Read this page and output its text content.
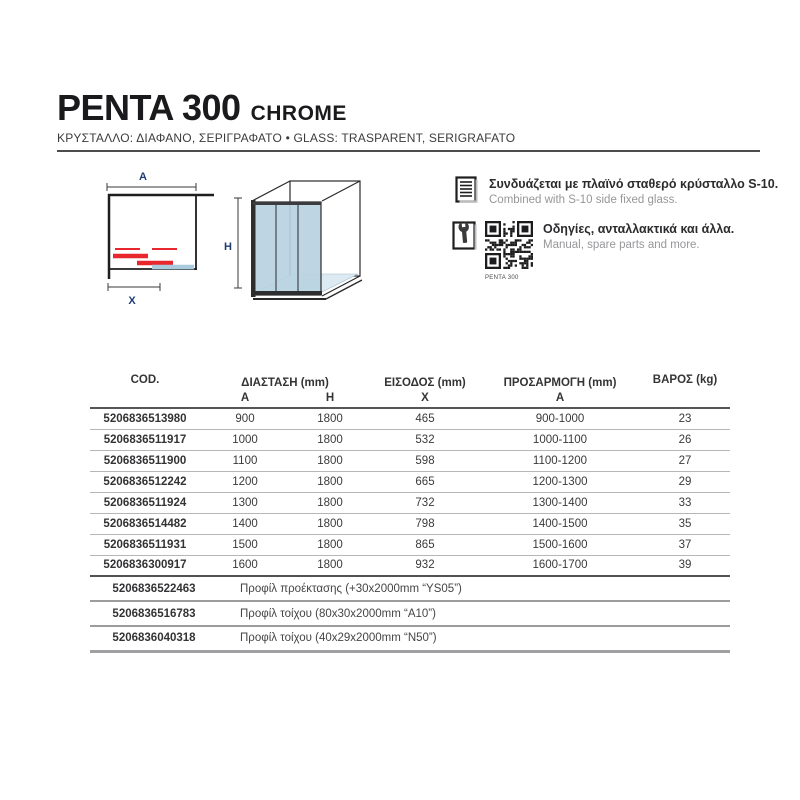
PENTA 300 CHROME
ΚΡΥΣΤΑΛΛΟ: ΔΙΑΦΑΝΟ, ΣΕΡΙΓΡΑΦΑΤΟ • GLASS: TRASPARENT, SERIGRAFATO
A
X
H
Συνδυάζεται με πλαϊνό σταθερό κρύσταλλο S-10.
Combined with S-10 side fixed glass.
PENTA 300
Οδηγίες, ανταλλακτικά και άλλα.
Manual, spare parts and more.
COD.	ΔΙΑΣΤΑΣΗ (mm)		ΕΙΣΟΔΟΣ (mm)	ΠΡΟΣΑΡΜΟΓΗ (mm)	ΒΑΡΟΣ (kg)
	A	H	X	A	
5206836513980	900	1800	465	900-1000	23
5206836511917	1000	1800	532	1000-1100	26
5206836511900	1100	1800	598	1100-1200	27
5206836512242	1200	1800	665	1200-1300	29
5206836511924	1300	1800	732	1300-1400	33
5206836514482	1400	1800	798	1400-1500	35
5206836511931	1500	1800	865	1500-1600	37
5206836300917	1600	1800	932	1600-1700	39
5206836522463	Προφίλ προέκτασης (+30x2000mm “YS05”)				
5206836516783	Προφίλ τοίχου (80x30x2000mm “A10”)				
5206836040318	Προφίλ τοίχου (40x29x2000mm “N50”)				
